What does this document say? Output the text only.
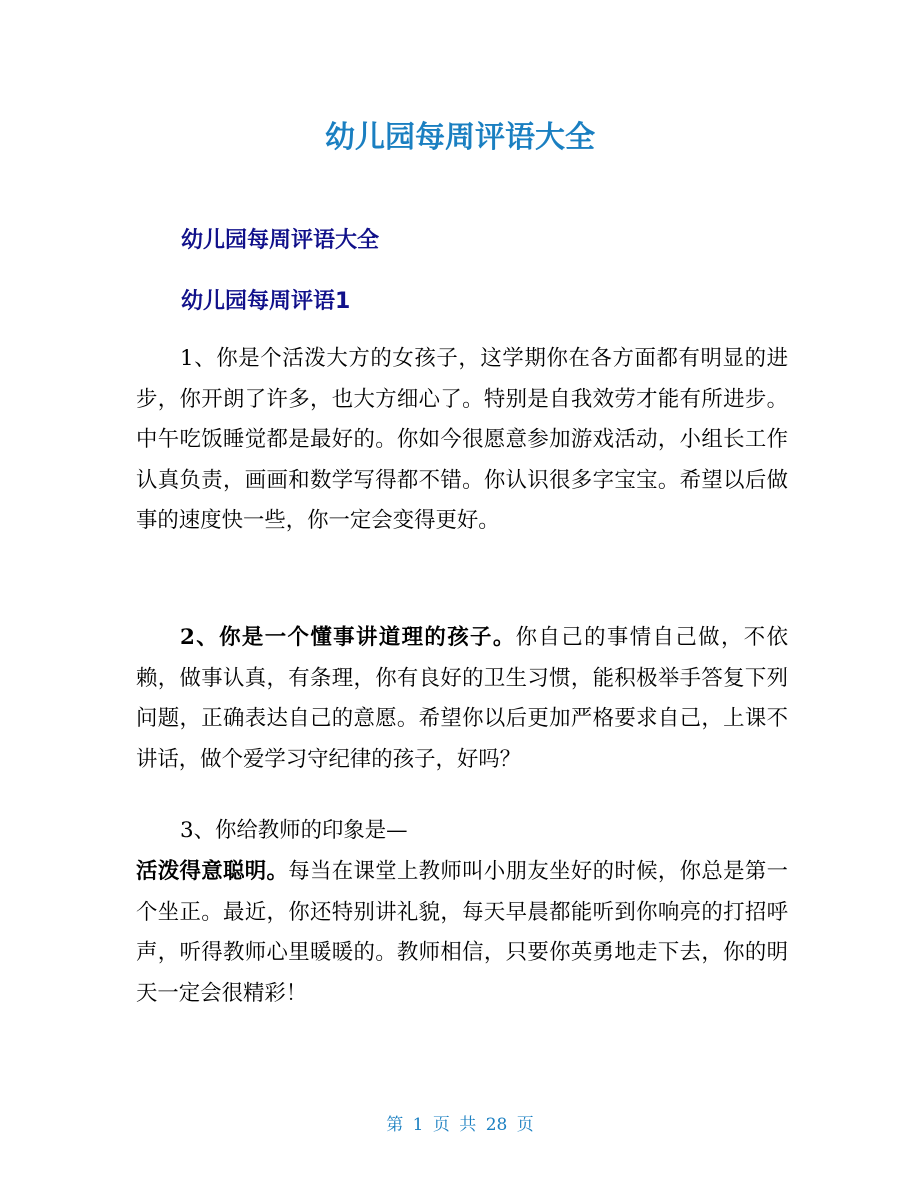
幼儿园每周评语大全
幼儿园每周评语大全
幼儿园每周评语1

1、你是个活泼大方的女孩子，这学期你在各方面都有明显的进步，你开朗了许多，也大方细心了。特别是自我效劳才能有所进步。中午吃饭睡觉都是最好的。你如今很愿意参加游戏活动，小组长工作认真负责，画画和数学写得都不错。你认识很多字宝宝。希望以后做事的速度快一些，你一定会变得更好。

2、你是一个懂事讲道理的孩子。你自己的事情自己做，不依赖，做事认真，有条理，你有良好的卫生习惯，能积极举手答复下列问题，正确表达自己的意愿。希望你以后更加严格要求自己，上课不讲话，做个爱学习守纪律的孩子，好吗？

3、你给教师的印象是—

活泼得意聪明。每当在课堂上教师叫小朋友坐好的时候，你总是第一个坐正。最近，你还特别讲礼貌，每天早晨都能听到你响亮的打招呼声，听得教师心里暖暖的。教师相信，只要你英勇地走下去，你的明天一定会很精彩！

第 1 页 共 28 页
